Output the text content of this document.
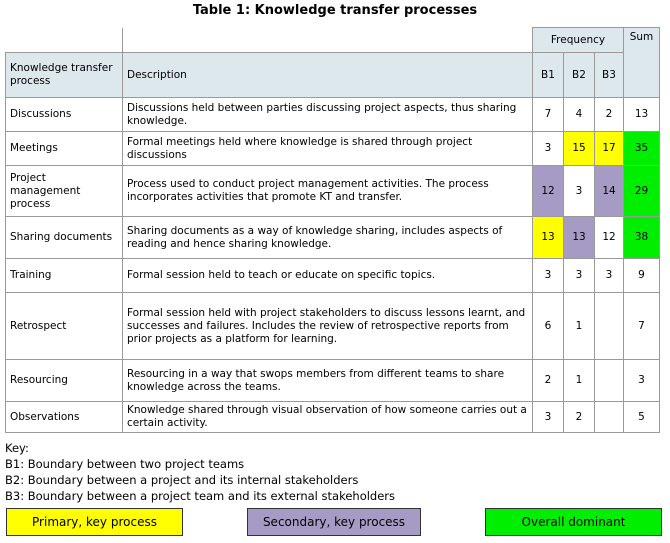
Table 1: Knowledge transfer processes
		Frequency			Sum
Knowledge transfer process	Description	B1	B2	B3	
Discussions	Discussions held between parties discussing project aspects, thus sharing knowledge.	7	4	2	13
Meetings	Formal meetings held where knowledge is shared through project discussions	3	15	17	35
Project management process	Process used to conduct project management activities. The process incorporates activities that promote KT and transfer.	12	3	14	29
Sharing documents	Sharing documents as a way of knowledge sharing, includes aspects of reading and hence sharing knowledge.	13	13	12	38
Training	Formal session held to teach or educate on specific topics.	3	3	3	9
Retrospect	Formal session held with project stakeholders to discuss lessons learnt, and successes and failures. Includes the review of retrospective reports from prior projects as a platform for learning.	6	1		7
Resourcing	Resourcing in a way that swops members from different teams to share knowledge across the teams.	2	1		3
Observations	Knowledge shared through visual observation of how someone carries out a certain activity.	3	2		5
Key:
B1: Boundary between two project teams
B2: Boundary between a project and its internal stakeholders
B3: Boundary between a project team and its external stakeholders
Primary, key process	Secondary, key process	Overall dominant
